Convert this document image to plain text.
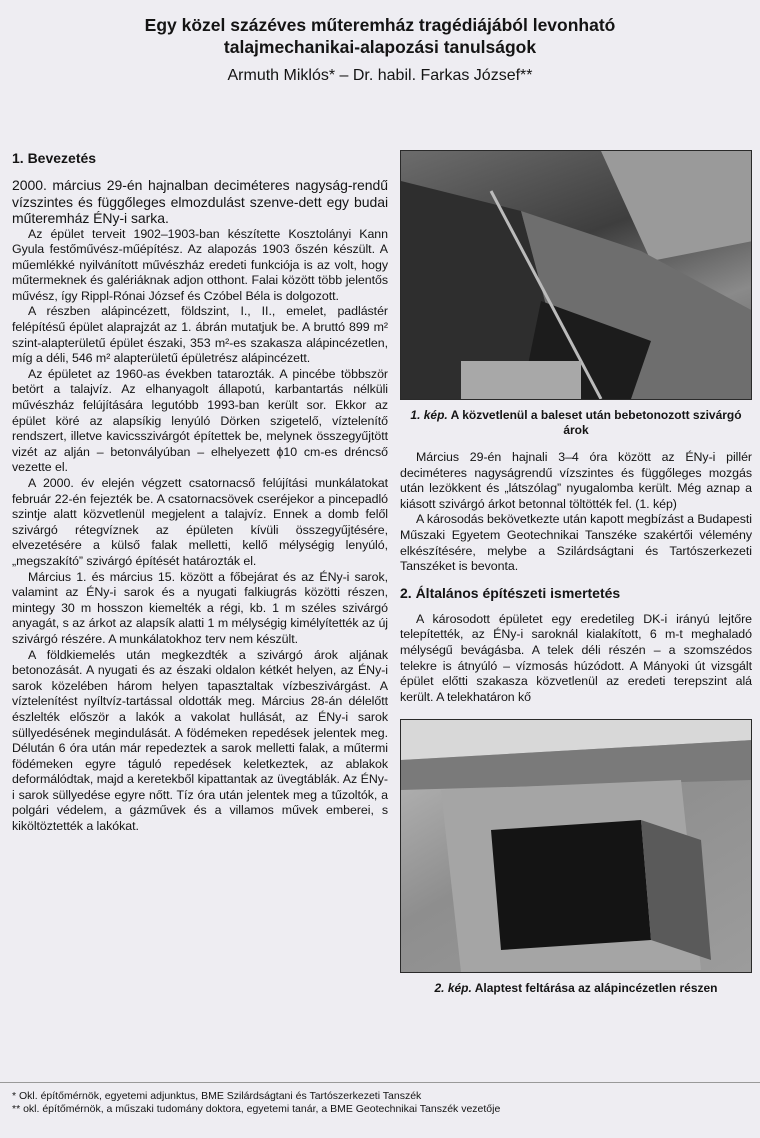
Egy közel százéves műteremház tragédiájából levonható
talajmechanikai-alapozási tanulságok
Armuth Miklós* – Dr. habil. Farkas József**
1. Bevezetés

2000. március 29-én hajnalban deciméteres nagyság-rendű vízszintes és függőleges elmozdulást szenve-dett egy budai műteremház ÉNy-i sarka.

Az épület terveit 1902–1903-ban készítette Kosztolányi Kann Gyula festőművész-műépítész. Az alapozás 1903 őszén készült. A műemlékké nyilvánított művészház eredeti funkciója is az volt, hogy műtermeknek és galériáknak adjon otthont. Falai között több jelentős művész, így Rippl-Rónai József és Czóbel Béla is dolgozott.

A részben alápincézett, földszint, I., II., emelet, padlástér felépítésű épület alaprajzát az 1. ábrán mutatjuk be. A bruttó 899 m² szint-alapterületű épület északi, 353 m²-es szakasza alápincézetlen, míg a déli, 546 m² alapterületű épületrész alápincézett.

Az épületet az 1960-as években tatarozták. A pincébe többször betört a talajvíz. Az elhanyagolt állapotú, karbantartás nélküli művészház felújítására legutóbb 1993-ban került sor. Ekkor az épület köré az alapsíkig lenyúló Dörken szigetelő, víztelenítő rendszert, illetve kavicsszivárgót építettek be, melynek összegyűjtött vizét az alján – betonvályúban – elhelyezett ϕ10 cm-es dréncső vezette el.

A 2000. év elején végzett csatornacső felújítási munkálatokat február 22-én fejezték be. A csatornacsövek cseréjekor a pincepadló szintje alatt közvetlenül megjelent a talajvíz. Ennek a domb felől szivárgó rétegvíznek az épületen kívüli összegyűjtésére, elvezetésére a külső falak melletti, kellő mélységig lenyúló, „megszakító” szivárgó építését határozták el.

Március 1. és március 15. között a főbejárat és az ÉNy-i sarok, valamint az ÉNy-i sarok és a nyugati falkiugrás közötti részen, mintegy 30 m hosszon kiemelték a régi, kb. 1 m széles szivárgó anyagát, s az árkot az alapsík alatti 1 m mélységig kimélyítették az új szivárgó részére. A munkálatokhoz terv nem készült.

A földkiemelés után megkezdték a szivárgó árok aljának betonozását. A nyugati és az északi oldalon kétkét helyen, az ÉNy-i sarok közelében három helyen tapasztaltak vízbeszivárgást. A víztelenítést nyíltvíz-tartással oldották meg. Március 28-án délelőtt észlelték először a lakók a vakolat hullását, az ÉNy-i sarok süllyedésének megindulását. A födémeken repedések jelentek meg. Délután 6 óra után már repedeztek a sarok melletti falak, a műtermi födémeken egyre táguló repedések keletkeztek, az ablakok deformálódtak, majd a keretekből kipattantak az üvegtáblák. Az ÉNy-i sarok süllyedése egyre nőtt. Tíz óra után jelentek meg a tűzoltók, a polgári védelem, a gázművek és a villamos művek emberei, s kiköltöztették a lakókat.

1. kép. A közvetlenül a baleset után bebetonozott szivárgó árok

Március 29-én hajnali 3–4 óra között az ÉNy-i pillér deciméteres nagyságrendű vízszintes és függőleges mozgás után lezökkent és „látszólag” nyugalomba került. Még aznap a kiásott szivárgó árkot betonnal töltötték fel. (1. kép)

A károsodás bekövetkezte után kapott megbízást a Budapesti Műszaki Egyetem Geotechnikai Tanszéke szakértői vélemény elkészítésére, melybe a Szilárdságtani és Tartószerkezeti Tanszéket is bevonta.

2. Általános építészeti ismertetés

A károsodott épületet egy eredetileg DK-i irányú lejtőre telepítették, az ÉNy-i saroknál kialakított, 6 m-t meghaladó mélységű bevágásba. A telek déli részén – a szomszédos telekre is átnyúló – vízmosás húzódott. A Mányoki út vizsgált épület előtti szakasza közvetlenül az eredeti terepszint alá került. A telekhatáron kő

2. kép. Alaptest feltárása az alápincézetlen részen
* Okl. építőmérnök, egyetemi adjunktus, BME Szilárdságtani és Tartószerkezeti Tanszék
** okl. építőmérnök, a műszaki tudomány doktora, egyetemi tanár, a BME Geotechnikai Tanszék vezetője
